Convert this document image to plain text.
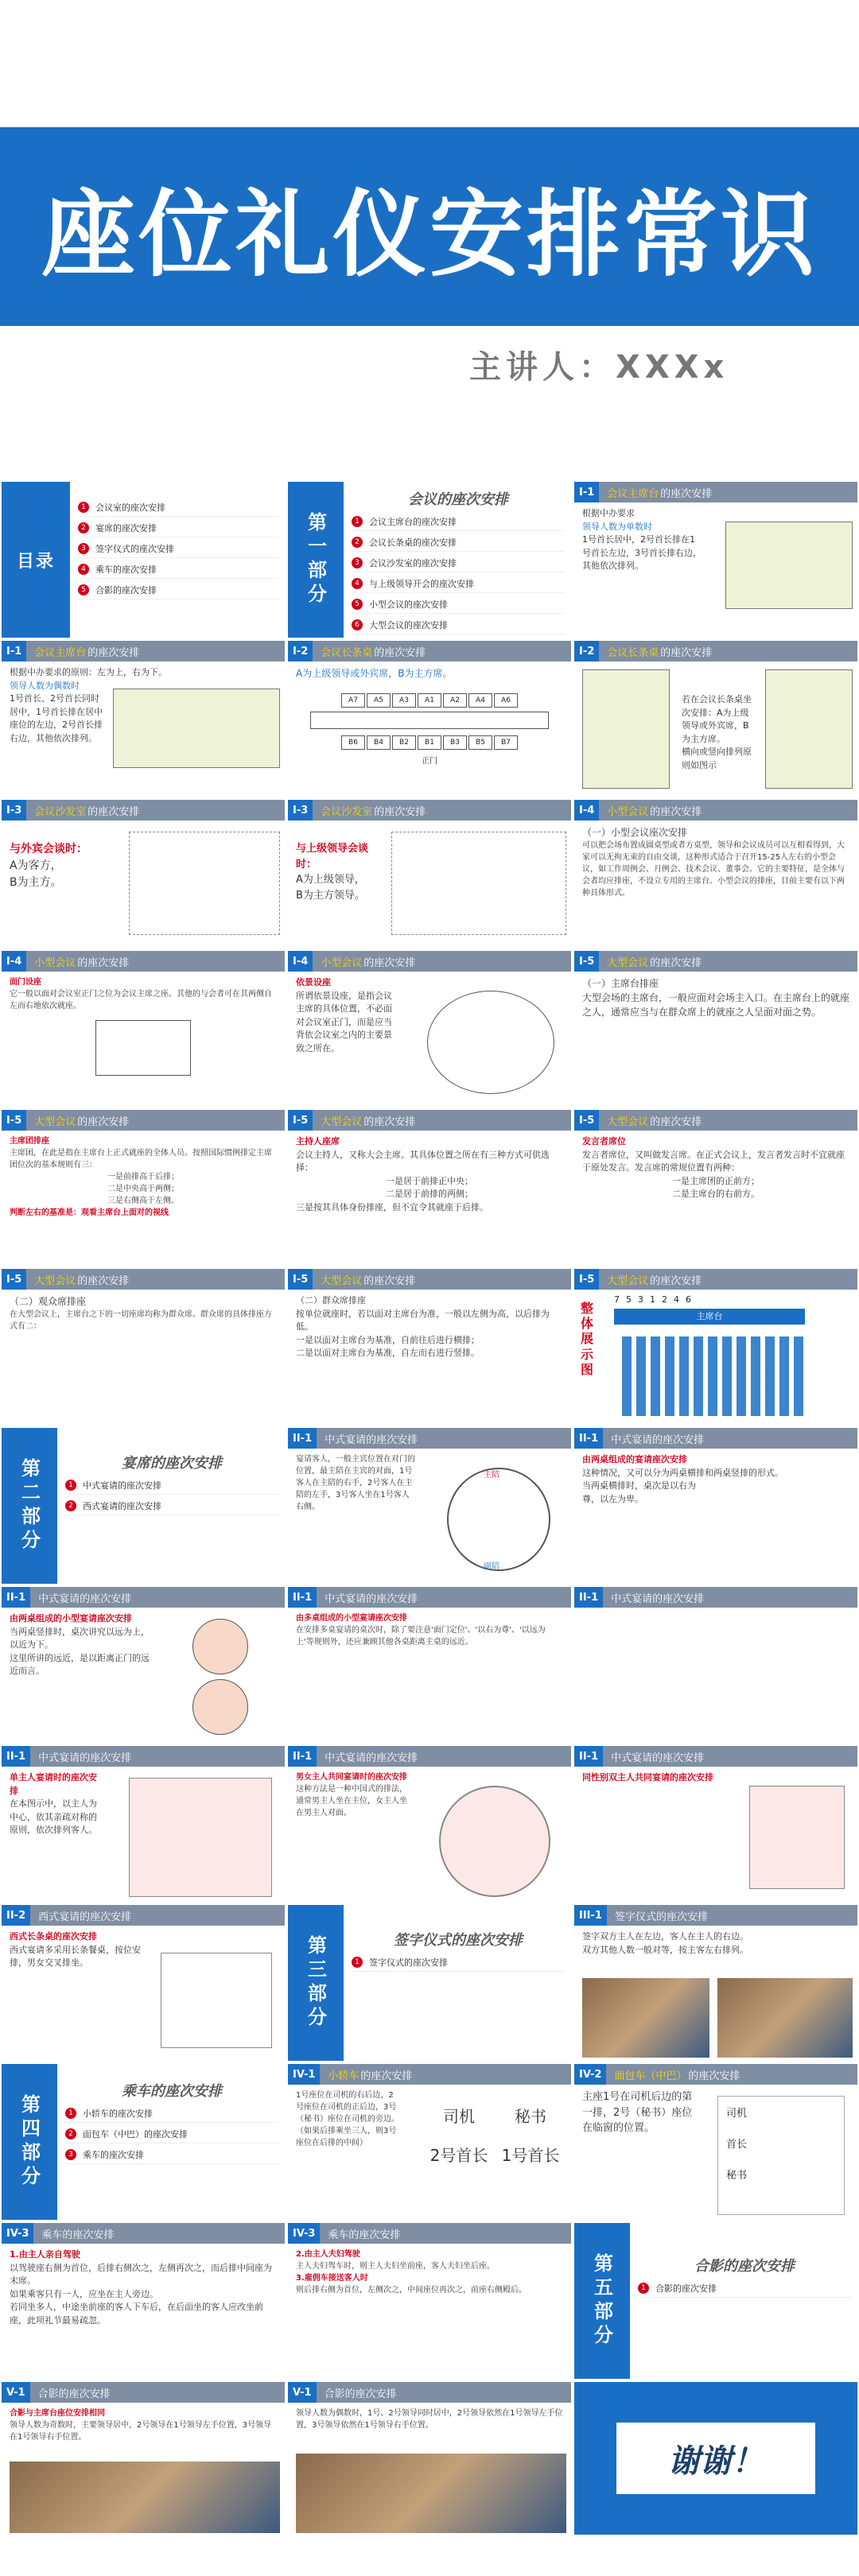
座位礼仪安排常识
主讲人：XXXx
目录
1	会议室的座次安排
2	宴席的座次安排
3	签字仪式的座次安排
4	乘车的座次安排
5	合影的座次安排	第一部分
会议的座次安排
1	会议主席台的座次安排
2	会议长条桌的座次安排
3	会议沙发室的座次安排
4	与上级领导开会的座次安排
5	小型会议的座次安排
6	大型会议的座次安排
I-1	会议主席台 的座次安排
根据中办要求
领导人数为单数时
1号首长居中，2号首长排在1号首长左边，3号首长排右边，其他依次排列。
I-1	会议主席台 的座次安排
根据中办要求的原则：左为上，右为下。
领导人数为偶数时
1号首长、2号首长同时居中，1号首长排在居中座位的左边，2号首长排右边，其他依次排列。
I-2	会议长条桌 的座次安排
A为上级领导或外宾席，B为主方席。
A7 A5 A3 A1 A2 A4 A6
B6 B4 B2 B1 B3 B5 B7
正门
I-2	会议长条桌 的座次安排
若在会议长条桌坐次安排：A为上级领导或外宾席，B为主方席。
横向或竖向排列原则如图示
I-3	会议沙发室 的座次安排
与外宾会谈时：
A为客方，
B为主方。
I-3	会议沙发室 的座次安排
与上级领导会谈时：
A为上级领导，
B为主方领导。
I-4	小型会议 的座次安排
（一）小型会议座次安排
可以把会场布置成圆桌型或者方桌型，领导和会议成员可以互相看得到，大家可以无拘无束的自由交谈，这种形式适合于召开15-25人左右的小型会议，如工作周例会、月例会、技术会议、董事会。它的主要特征，是全体与会者均应排座，不设立专用的主席台。小型会议的排座，目前主要有以下两种具体形式。
I-4	小型会议 的座次安排
面门设座
它一般以面对会议室正门之位为会议主席之座。其他的与会者可在其两侧自左而右地依次就座。
I-4	小型会议 的座次安排
依景设座
所谓依景设座，是指会议主席的具体位置，不必面对会议室正门，而是应当背依会议室之内的主要景致之所在。
I-5	大型会议 的座次安排
（一）主席台排座
大型会场的主席台，一般应面对会场主入口。在主席台上的就座之人，通常应当与在群众席上的就座之人呈面对面之势。
I-5	大型会议 的座次安排
主席团排座
主席团，在此是指在主席台上正式就座的全体人员。按照国际惯例排定主席团位次的基本规则有三：
一是前排高于后排；
二是中央高于两侧；
三是右侧高于左侧。
判断左右的基准是：观看主席台上面对的视线
I-5	大型会议 的座次安排
主持人座席
会议主持人，又称大会主席。其具体位置之所在有三种方式可供选择：
一是居于前排正中央；
二是居于前排的两侧；
三是按其具体身份排座，但不宜令其就座于后排。
I-5	大型会议 的座次安排
发言者席位
发言者席位，又叫做发言席。在正式会议上，发言者发言时不宜就座于原处发言。发言席的常规位置有两种：
一是主席团的正前方；
二是主席台的右前方。
I-5	大型会议 的座次安排
（二）观众席排座
在大型会议上，主席台之下的一切座席均称为群众席。群众席的具体排座方式有二：
I-5	大型会议 的座次安排
（二）群众席排座
按单位就座时，若以面对主席台为准，一般以左侧为高，以后排为低。
一是以面对主席台为基准，自前往后进行横排；
二是以面对主席台为基准，自左而右进行竖排。
I-5	大型会议 的座次安排
整体展示图
7531246
主席台
第二部分	宴席的座次安排
1	中式宴请的座次安排
2	西式宴请的座次安排
II-1	中式宴请的座次安排
宴请客人，一般主宾位置在对门的位置，最主陪在主宾的对面，1号客人在主陪的右手，2号客人在主陪的左手，3号客人坐在1号客人右侧。
主陪
副陪
II-1	中式宴请的座次安排
由两桌组成的宴请座次安排
这种情况，又可以分为两桌横排和两桌竖排的形式。
当两桌横排时，桌次是以右为尊，以左为卑。
II-1	中式宴请的座次安排
由两桌组成的小型宴请座次安排
当两桌竖排时，桌次讲究以远为上，以近为下。
这里所讲的远近，是以距离正门的远近而言。
II-1	中式宴请的座次安排
由多桌组成的小型宴请座次安排
在安排多桌宴请的桌次时，除了要注意'面门定位'、'以右为尊'、'以远为上'等规则外，还应兼顾其他各桌距离主桌的远近。
II-1	中式宴请的座次安排
II-1	中式宴请的座次安排
单主人宴请时的座次安排
在本图示中，以主人为中心，依其亲疏对称的原则，依次排列客人。
II-1	中式宴请的座次安排
男女主人共同宴请时的座次安排
这种方法是一种中国式的排法，通常男主人坐在主位，女主人坐在男主人对面。
II-1	中式宴请的座次安排
同性别双主人共同宴请的座次安排
II-2	西式宴请的座次安排
西式长条桌的座次安排
西式宴请多采用长条餐桌，按位安排，男女交叉排坐。	第三部分	签字仪式的座次安排
1	签字仪式的座次安排
III-1	签字仪式的座次安排
签字双方主人在左边，客人在主人的右边。
双方其他人数一般对等，按主客左右排列。
第四部分
乘车的座次安排
1	小轿车的座次安排
2	面包车（中巴）的座次安排
3	乘车的座次安排
IV-1	小轿车 的座次安排
1号座位在司机的右后边，2号座位在司机的正后边，3号（秘书）座位在司机的旁边。
（如果后排乘坐三人，则3号座位在后排的中间）
司机	秘书
2号首长 1号首长
IV-2	面包车（中巴） 的座次安排
主座1号在司机后边的第一排，2号（秘书）座位在临窗的位置。
司机
首长
秘书
IV-3	乘车的座次安排
1.由主人亲自驾驶
以驾驶座右侧为首位，后排右侧次之，左侧再次之，而后排中间座为末席。
如果乘客只有一人，应坐在主人旁边。
若同坐多人，中途坐前座的客人下车后，在后面坐的客人应改坐前座，此项礼节最易疏忽。
IV-3	乘车的座次安排
2.由主人夫妇驾驶
主人夫妇驾车时，则主人夫妇坐前座，客人夫妇坐后座。
3.雇佣车接送客人时
则后排右侧为首位，左侧次之，中间座位再次之，前座右侧殿后。	第五部分	合影的座次安排
1	合影的座次安排
V-1	合影的座次安排
合影与主席台座位安排相同
领导人数为奇数时，主要领导居中，2号领导在1号领导左手位置，3号领导在1号领导右手位置。
V-1	合影的座次安排
领导人数为偶数时，1号、2号领导同时居中，2号领导依然在1号领导左手位置，3号领导依然在1号领导右手位置。
谢谢！
